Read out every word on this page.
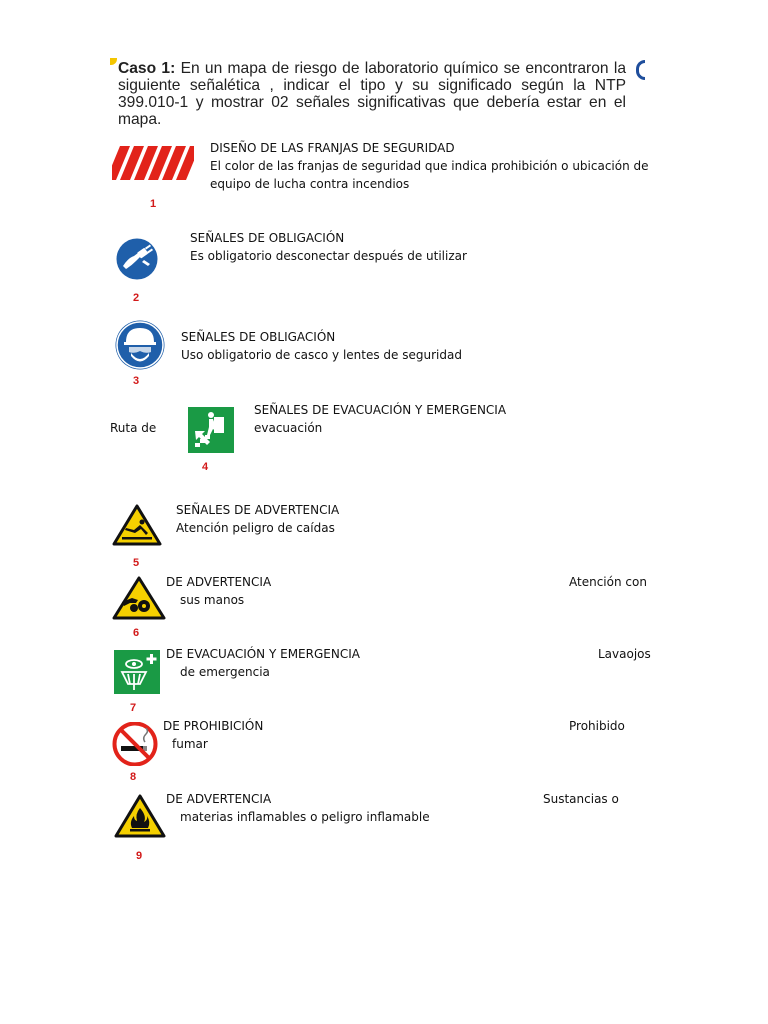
Caso 1: En un mapa de riesgo de laboratorio químico se encontraron la siguiente señalética , indicar el tipo y su significado según la NTP 399.010-1 y mostrar 02 señales significativas que debería estar en el mapa.
1
DISEÑO DE LAS FRANJAS DE SEGURIDAD
El color de las franjas de seguridad que indica prohibición o ubicación de
equipo de lucha contra incendios
2
SEÑALES DE OBLIGACIÓN
Es obligatorio desconectar después de utilizar
3
SEÑALES DE OBLIGACIÓN
Uso obligatorio de casco y lentes de seguridad
4
SEÑALES DE EVACUACIÓN Y EMERGENCIA
Ruta de	evacuación
5
SEÑALES DE ADVERTENCIA
Atención peligro de caídas
6
DE ADVERTENCIA	Atención con
sus manos
7
DE EVACUACIÓN Y EMERGENCIA	Lavaojos
de emergencia
8
DE PROHIBICIÓN	Prohibido
fumar
9
DE ADVERTENCIA	Sustancias o
materias inflamables o peligro inflamable
